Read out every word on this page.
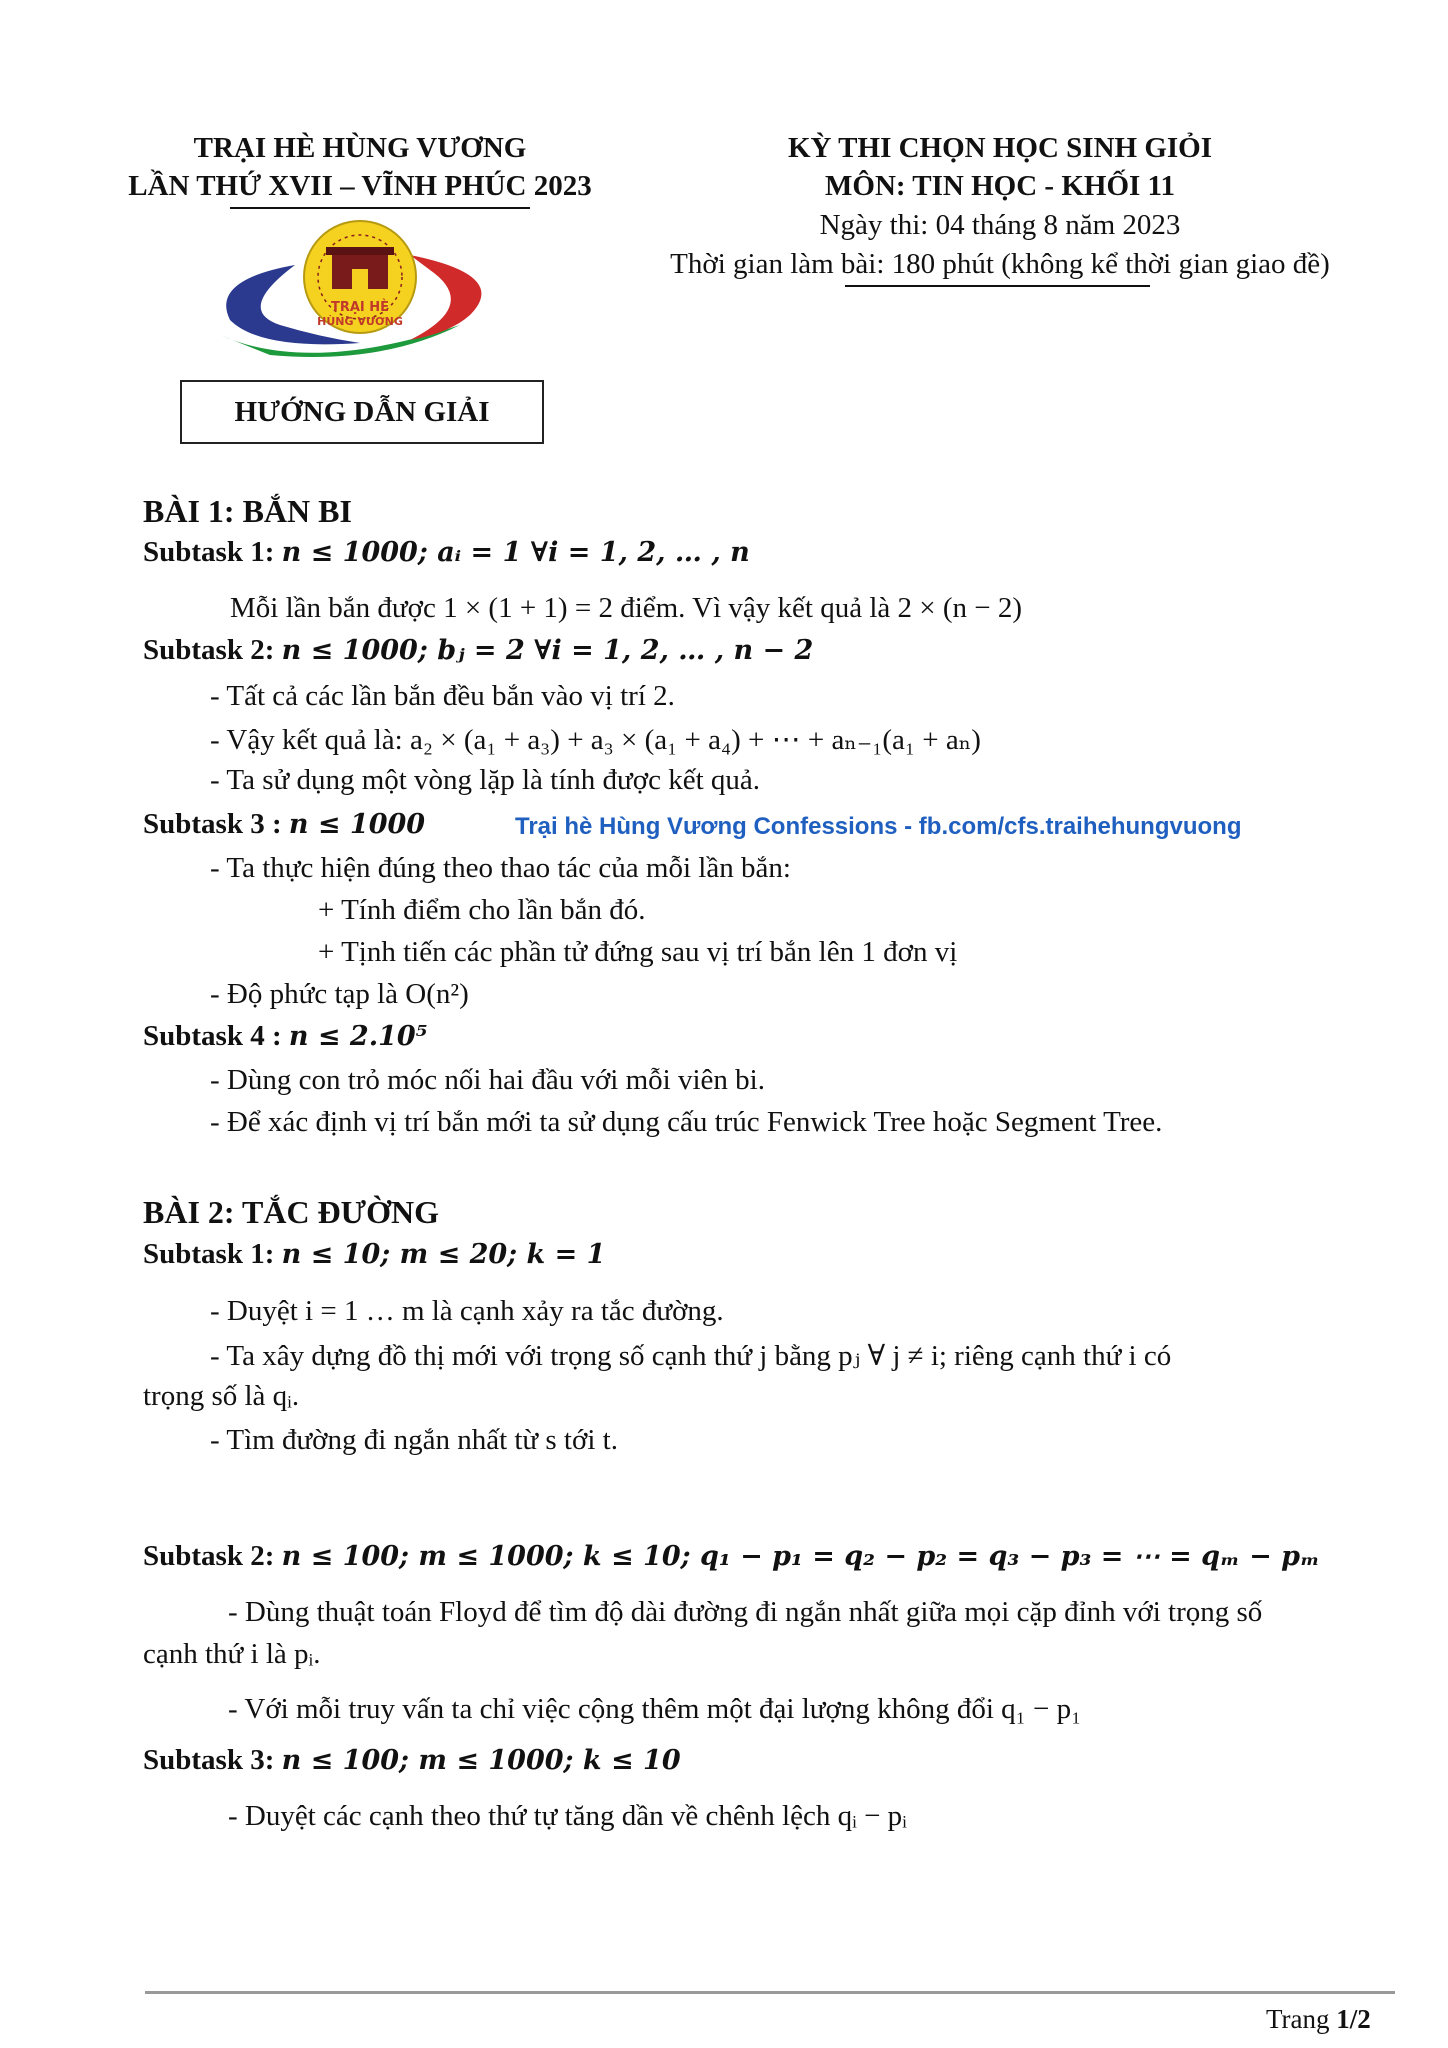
TRẠI HÈ HÙNG VƯƠNG
LẦN THỨ XVII – VĨNH PHÚC 2023
KỲ THI CHỌN HỌC SINH GIỎI
MÔN: TIN HỌC - KHỐI 11
Ngày thi: 04 tháng 8 năm 2023
Thời gian làm bài: 180 phút (không kể thời gian giao đề)
TRẠI HÈ
HÙNG VƯƠNG
HƯỚNG DẪN GIẢI
BÀI 1: BẮN BI
Subtask 1: n ≤ 1000; aᵢ = 1 ∀i = 1, 2, … , n
Mỗi lần bắn được 1 × (1 + 1) = 2 điểm. Vì vậy kết quả là 2 × (n − 2)
Subtask 2: n ≤ 1000; bⱼ = 2 ∀i = 1, 2, … , n − 2
- Tất cả các lần bắn đều bắn vào vị trí 2.
- Vậy kết quả là: a₂ × (a₁ + a₃) + a₃ × (a₁ + a₄) + ⋯ + aₙ₋₁(a₁ + aₙ)
- Ta sử dụng một vòng lặp là tính được kết quả.
Subtask 3 : n ≤ 1000	Trại hè Hùng Vương Confessions - fb.com/cfs.traihehungvuong
- Ta thực hiện đúng theo thao tác của mỗi lần bắn:
+ Tính điểm cho lần bắn đó.
+ Tịnh tiến các phần tử đứng sau vị trí bắn lên 1 đơn vị
- Độ phức tạp là O(n²)
Subtask 4 : n ≤ 2.10⁵
- Dùng con trỏ móc nối hai đầu với mỗi viên bi.
- Để xác định vị trí bắn mới ta sử dụng cấu trúc Fenwick Tree hoặc Segment Tree.
BÀI 2: TẮC ĐƯỜNG
Subtask 1: n ≤ 10; m ≤ 20; k = 1
- Duyệt i = 1 … m là cạnh xảy ra tắc đường.
- Ta xây dựng đồ thị mới với trọng số cạnh thứ j bằng pⱼ ∀ j ≠ i; riêng cạnh thứ i có
trọng số là qᵢ.
- Tìm đường đi ngắn nhất từ s tới t.
Subtask 2: n ≤ 100; m ≤ 1000; k ≤ 10; q₁ − p₁ = q₂ − p₂ = q₃ − p₃ = ⋯ = qₘ − pₘ
- Dùng thuật toán Floyd để tìm độ dài đường đi ngắn nhất giữa mọi cặp đỉnh với trọng số
cạnh thứ i là pᵢ.
- Với mỗi truy vấn ta chỉ việc cộng thêm một đại lượng không đổi q₁ − p₁
Subtask 3: n ≤ 100; m ≤ 1000; k ≤ 10
- Duyệt các cạnh theo thứ tự tăng dần về chênh lệch qᵢ − pᵢ
Trang 1/2
